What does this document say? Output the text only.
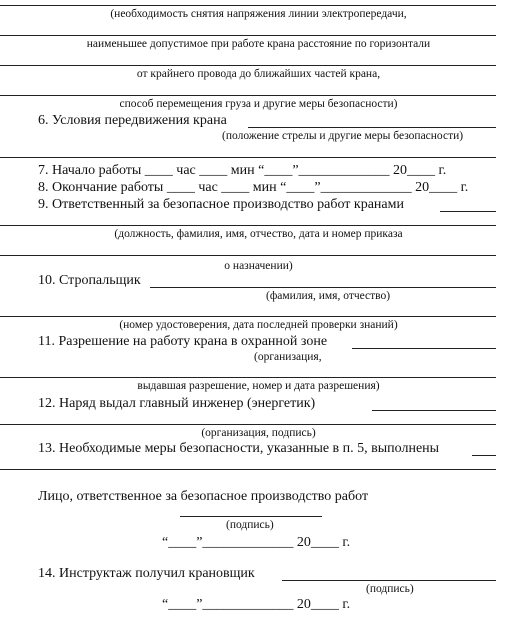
(необходимость снятия напряжения линии электропередачи,
наименьшее допустимое при работе крана расстояние по горизонтали
от крайнего провода до ближайших частей крана,
способ перемещения груза и другие меры безопасности)
6. Условия передвижения крана
(положение стрелы и другие меры безопасности)
7. Начало работы ____ час ____ мин “____”_____________ 20____ г.
8. Окончание работы ____ час ____ мин “____”_____________ 20____ г.
9. Ответственный за безопасное производство работ кранами
(должность, фамилия, имя, отчество, дата и номер приказа
о назначении)
10. Стропальщик
(фамилия, имя, отчество)
(номер удостоверения, дата последней проверки знаний)
11. Разрешение на работу крана в охранной зоне
(организация,
выдавшая разрешение, номер и дата разрешения)
12. Наряд выдал главный инженер (энергетик)
(организация, подпись)
13. Необходимые меры безопасности, указанные в п. 5, выполнены
Лицо, ответственное за безопасное производство работ
(подпись)
“____”_____________ 20____ г.
14. Инструктаж получил крановщик
(подпись)
“____”_____________ 20____ г.
